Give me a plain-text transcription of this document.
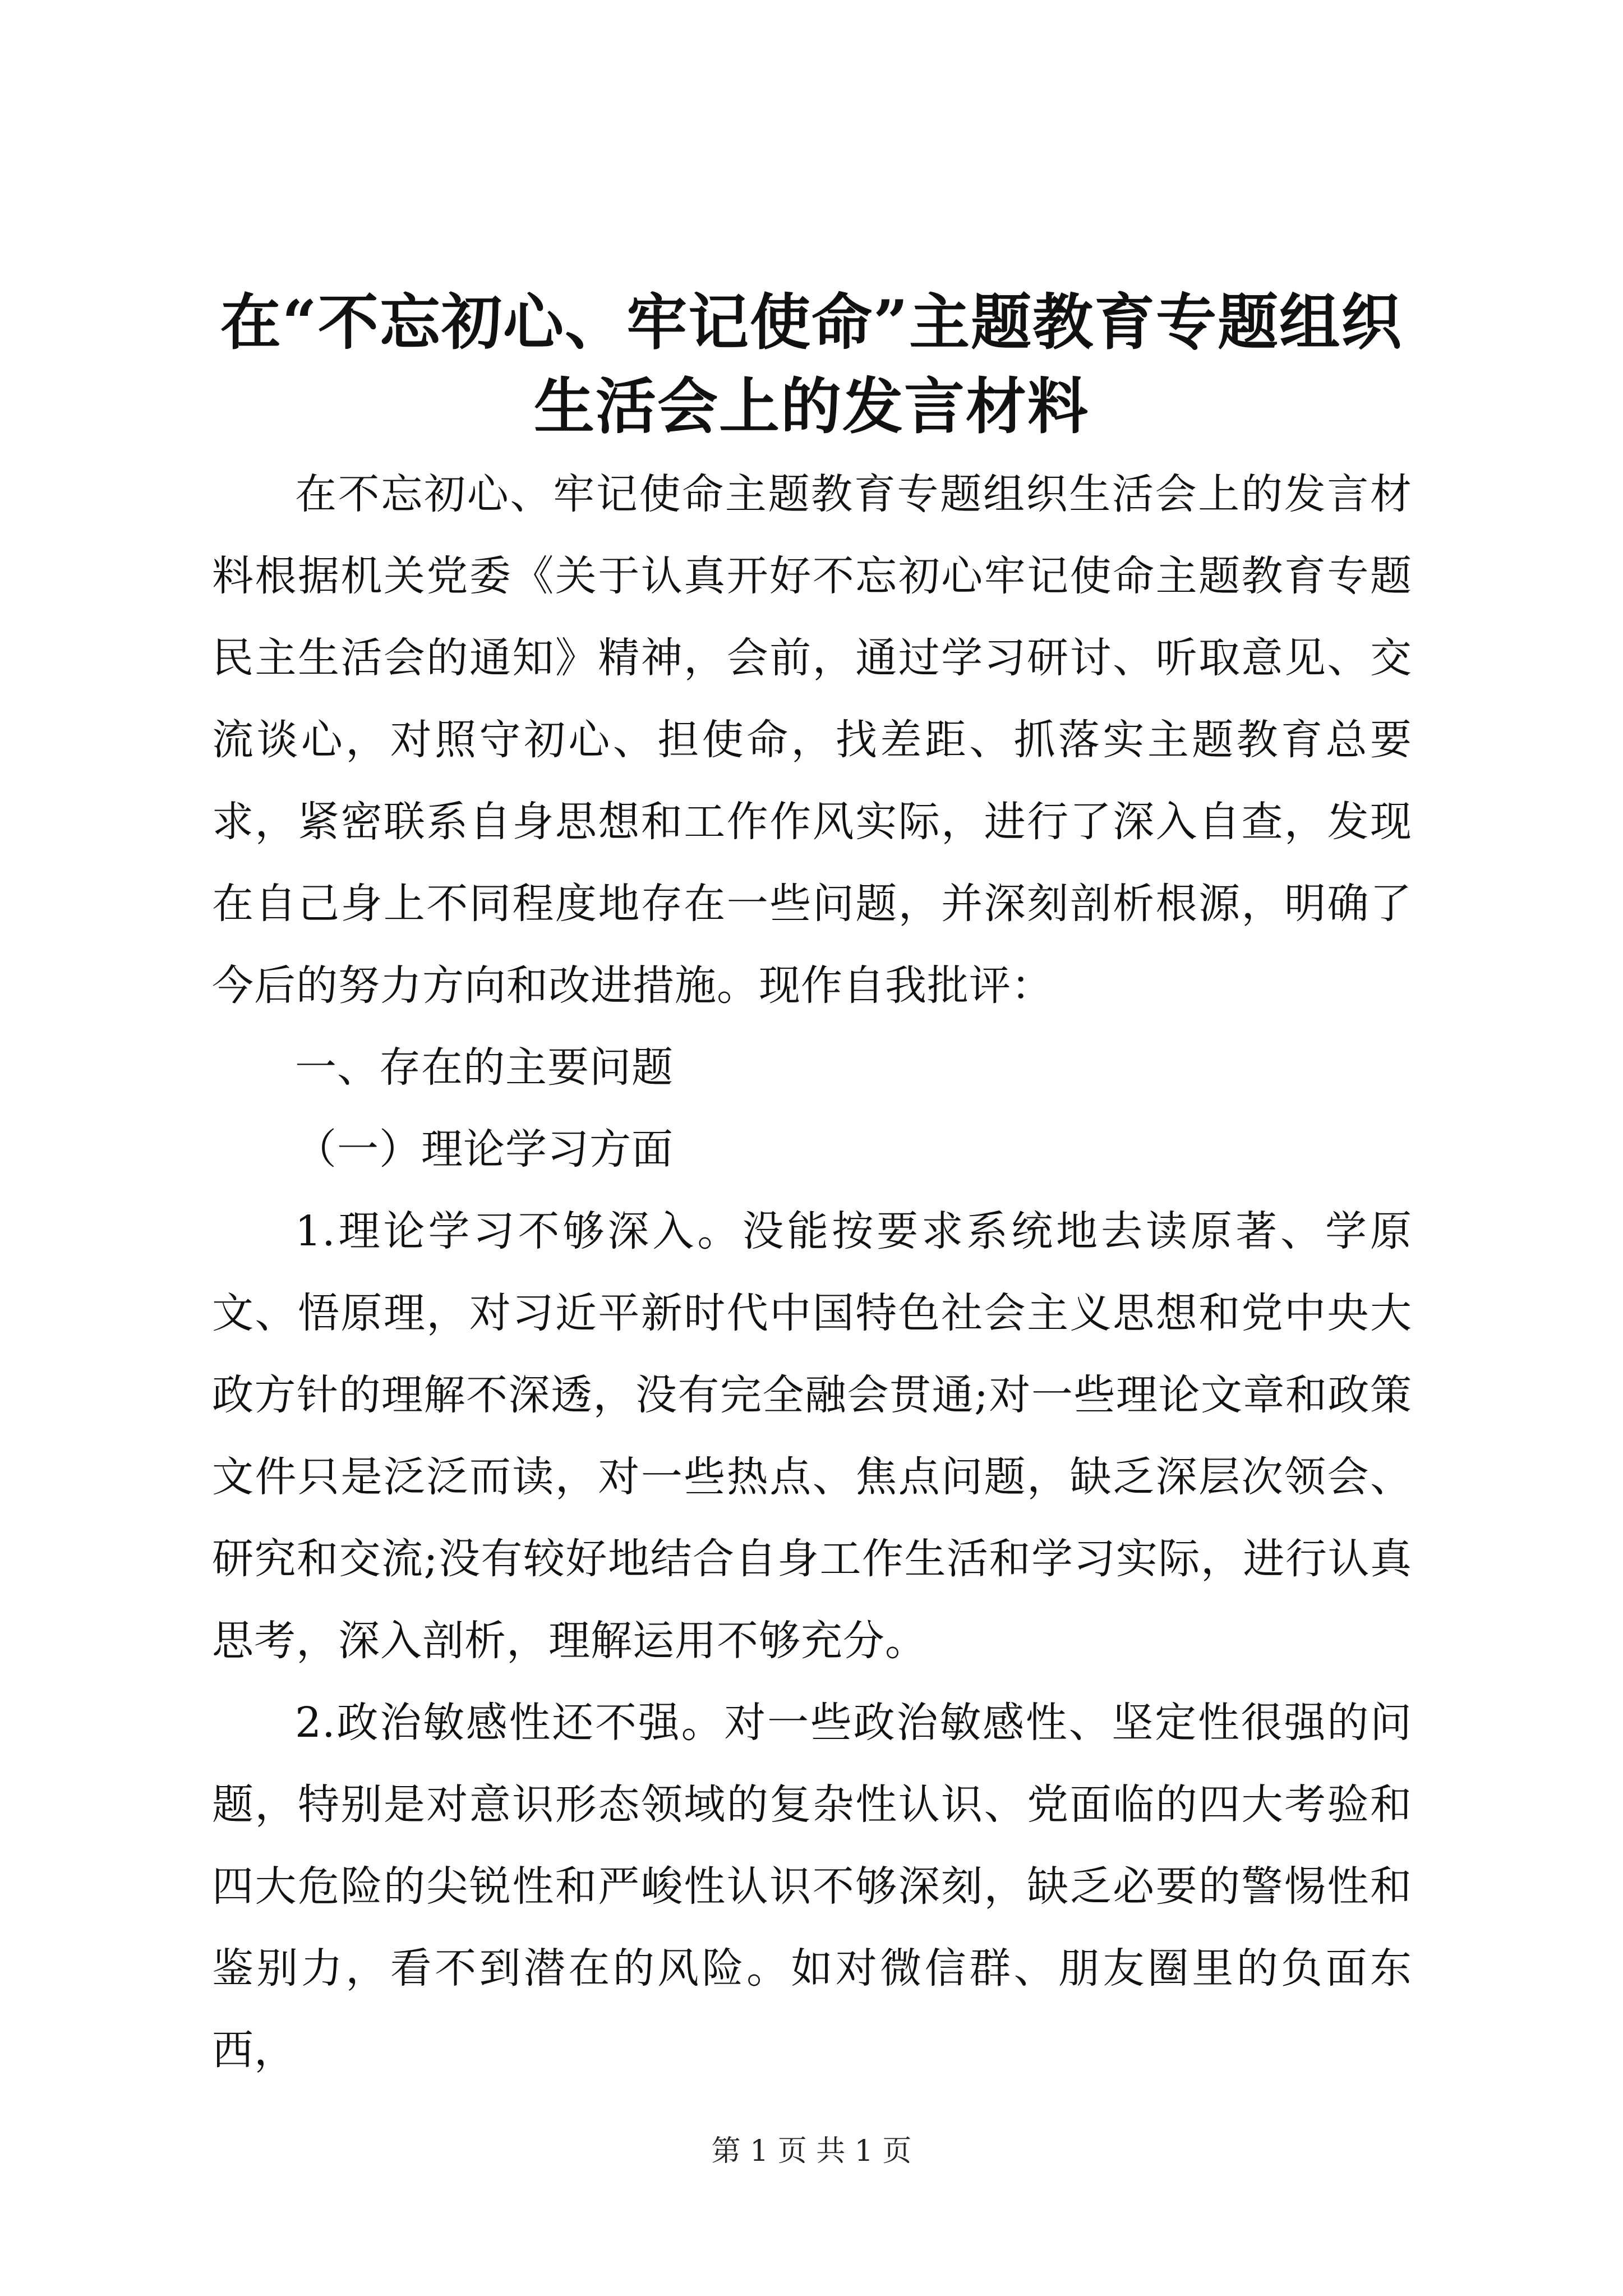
在“不忘初心、牢记使命”主题教育专题组织生活会上的发言材料

在不忘初心、牢记使命主题教育专题组织生活会上的发言材料根据机关党委《关于认真开好不忘初心牢记使命主题教育专题民主生活会的通知》精神，会前，通过学习研讨、听取意见、交流谈心，对照守初心、担使命，找差距、抓落实主题教育总要求，紧密联系自身思想和工作作风实际，进行了深入自查，发现在自己身上不同程度地存在一些问题，并深刻剖析根源，明确了今后的努力方向和改进措施。现作自我批评：

一、存在的主要问题

（一）理论学习方面

1.理论学习不够深入。没能按要求系统地去读原著、学原文、悟原理，对习近平新时代中国特色社会主义思想和党中央大政方针的理解不深透，没有完全融会贯通;对一些理论文章和政策文件只是泛泛而读，对一些热点、焦点问题，缺乏深层次领会、研究和交流;没有较好地结合自身工作生活和学习实际，进行认真思考，深入剖析，理解运用不够充分。

2.政治敏感性还不强。对一些政治敏感性、坚定性很强的问题，特别是对意识形态领域的复杂性认识、党面临的四大考验和四大危险的尖锐性和严峻性认识不够深刻，缺乏必要的警惕性和鉴别力，看不到潜在的风险。如对微信群、朋友圈里的负面东西，

第 1 页 共 1 页
